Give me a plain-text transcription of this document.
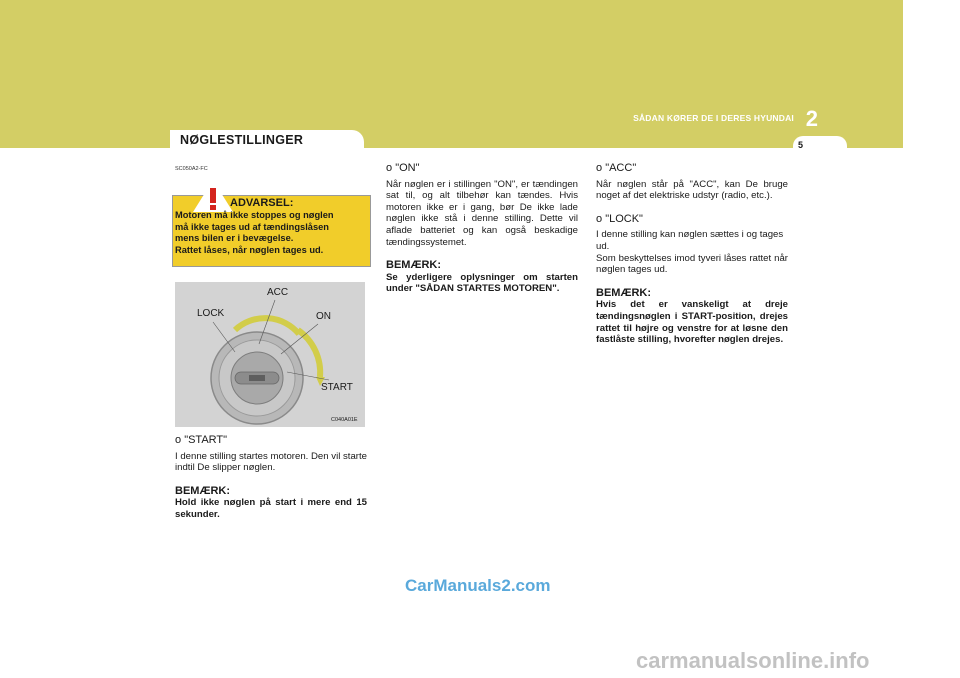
2
SÅDAN KØRER DE I DERES HYUNDAI
NØGLESTILLINGER	5
SC050A2-FC
ADVARSEL:
Motoren må ikke stoppes og nøglen
må ikke tages ud af tændingslåsen
mens bilen er i bevægelse.
Rattet låses, når nøglen tages ud.
LOCK
ACC
ON
START
C040A01E
o "START"
I denne stilling startes motoren. Den vil starte indtil De slipper nøglen.
BEMÆRK:
Hold ikke nøglen på start i mere end 15 sekunder.
o "ON"
Når nøglen er i stillingen "ON", er tændingen sat til, og alt tilbehør kan tændes. Hvis motoren ikke er i gang, bør De ikke lade nøglen ikke stå i denne stilling. Dette vil aflade batteriet og kan også beskadige tændingssystemet.
BEMÆRK:
Se yderligere oplysninger om starten under "SÅDAN STARTES MOTOREN".
o "ACC"
Når nøglen står på "ACC", kan De bruge noget af det elektriske udstyr (radio, etc.).
o "LOCK"
I denne stilling kan nøglen sættes i og tages ud.
Som beskyttelses imod tyveri låses rattet når nøglen tages ud.
BEMÆRK:
Hvis det er vanskeligt at dreje tændingsnøglen i START-position, drejes rattet til højre og venstre for at løsne den fastlåste stilling, hvorefter nøglen drejes.
CarManuals2.com
carmanualsonline.info
